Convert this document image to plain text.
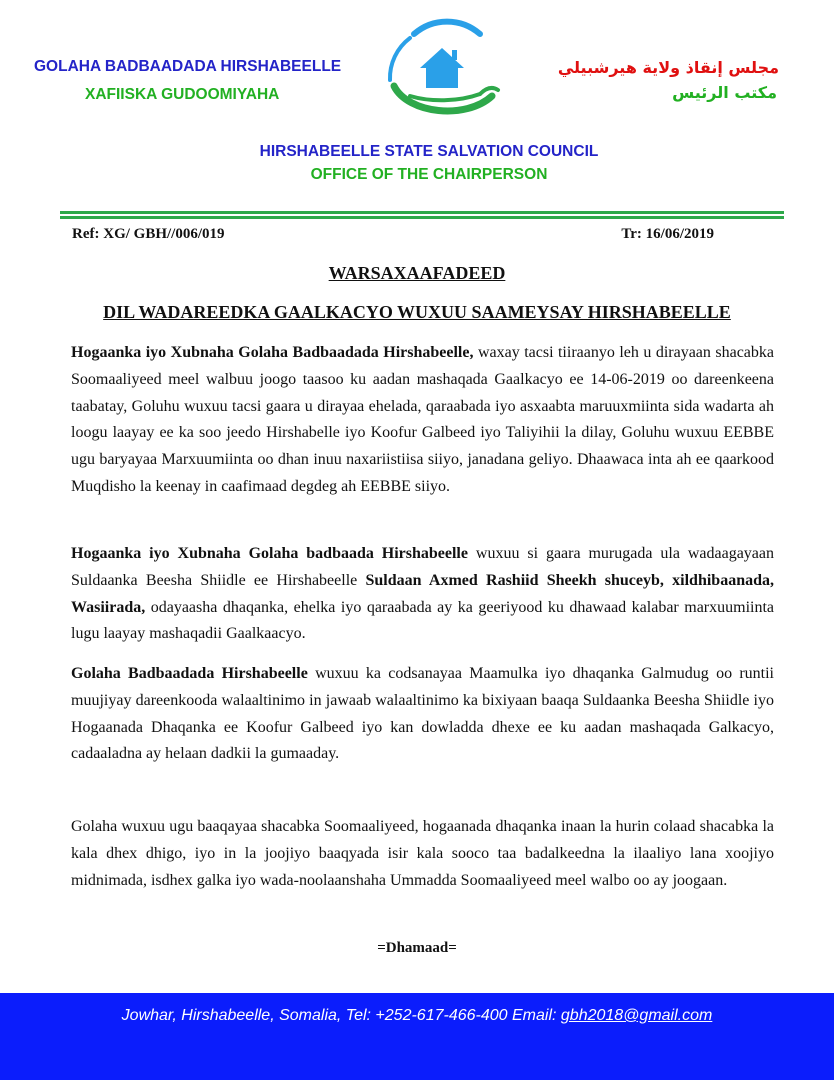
GOLAHA BADBAADADA HIRSHABEELLE
XAFIISKA GUDOOMIYAHA
مجلس إنقاذ ولاية هيرشبيلي
مكتب الرئيس
HIRSHABEELLE STATE SALVATION COUNCIL
OFFICE OF THE CHAIRPERSON
Ref: XG/ GBH//006/019	Tr: 16/06/2019
WARSAXAAFADEED
DIL WADAREEDKA GAALKACYO WUXUU SAAMEYSAY HIRSHABEELLE
Hogaanka iyo Xubnaha Golaha Badbaadada Hirshabeelle, waxay tacsi tiiraanyo leh u dirayaan shacabka Soomaaliyeed meel walbuu joogo taasoo ku aadan mashaqada Gaalkacyo ee 14-06-2019 oo dareenkeena taabatay, Goluhu wuxuu tacsi gaara u dirayaa ehelada, qaraabada iyo asxaabta maruuxmiinta sida wadarta ah loogu laayay ee ka soo jeedo Hirshabelle iyo Koofur Galbeed iyo Taliyihii la dilay, Goluhu wuxuu EEBBE ugu baryayaa Marxuumiinta oo dhan inuu naxariistiisa siiyo, janadana geliyo. Dhaawaca inta ah ee qaarkood Muqdisho la keenay in caafimaad degdeg ah EEBBE siiyo.
Hogaanka iyo Xubnaha Golaha badbaada Hirshabeelle wuxuu si gaara murugada ula wadaagayaan Suldaanka Beesha Shiidle ee Hirshabeelle Suldaan Axmed Rashiid Sheekh shuceyb, xildhibaanada, Wasiirada, odayaasha dhaqanka, ehelka iyo qaraabada ay ka geeriyood ku dhawaad kalabar marxuumiinta lugu laayay mashaqadii Gaalkaacyo.
Golaha Badbaadada Hirshabeelle wuxuu ka codsanayaa Maamulka iyo dhaqanka Galmudug oo runtii muujiyay dareenkooda walaaltinimo in jawaab walaaltinimo ka bixiyaan baaqa Suldaanka Beesha Shiidle iyo Hogaanada Dhaqanka ee Koofur Galbeed iyo kan dowladda dhexe ee ku aadan mashaqada Galkacyo, cadaaladna ay helaan dadkii la gumaaday.
Golaha wuxuu ugu baaqayaa shacabka Soomaaliyeed, hogaanada dhaqanka inaan la hurin colaad shacabka la kala dhex dhigo, iyo in la joojiyo baaqyada isir kala sooco taa badalkeedna la ilaaliyo lana xoojiyo midnimada, isdhex galka iyo wada-noolaanshaha Ummadda Soomaaliyeed meel walbo oo ay joogaan.
=Dhamaad=
Jowhar, Hirshabeelle, Somalia, Tel: +252-617-466-400 Email: gbh2018@gmail.com
